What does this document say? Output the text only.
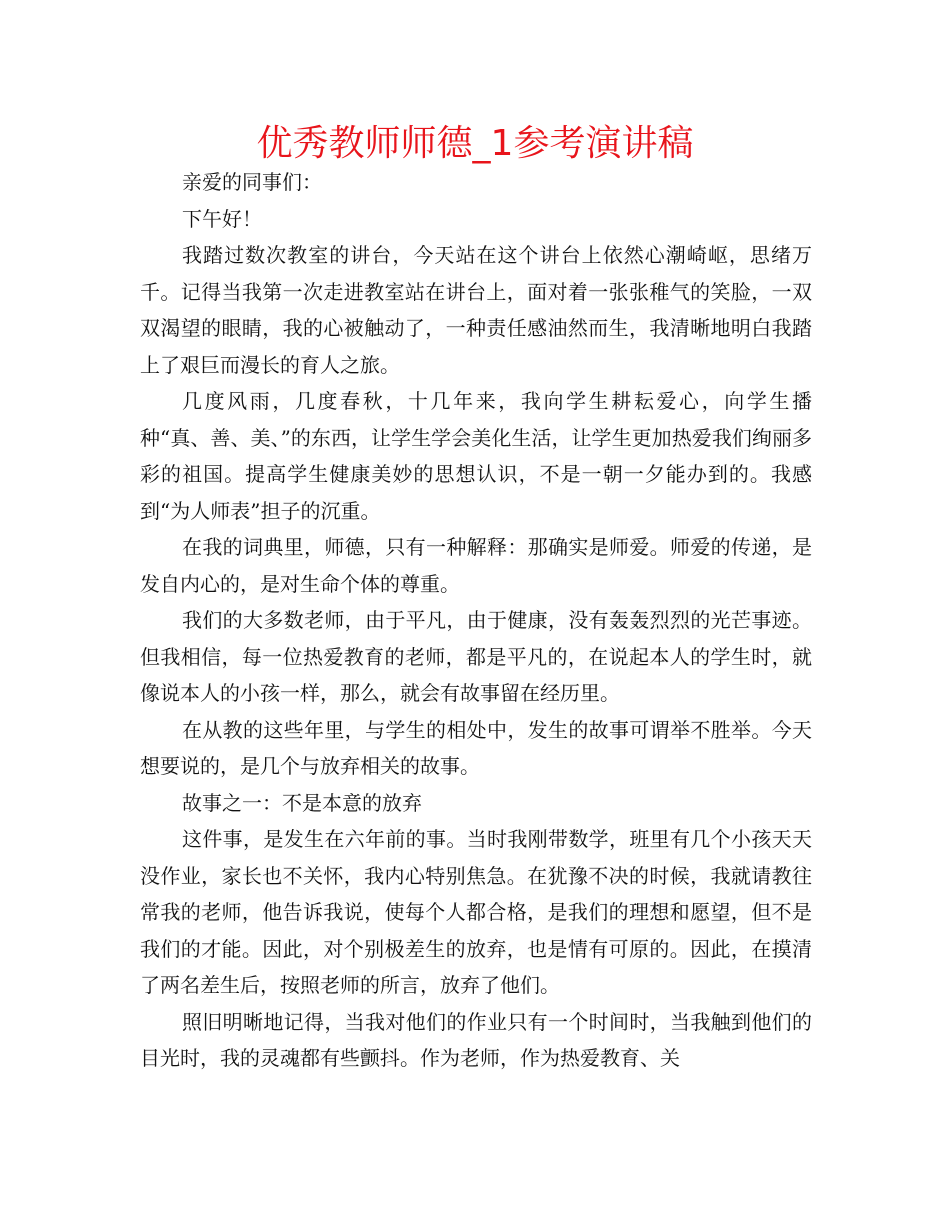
优秀教师师德_1参考演讲稿

亲爱的同事们：

下午好！

我踏过数次教室的讲台，今天站在这个讲台上依然心潮崎岖，思绪万千。记得当我第一次走进教室站在讲台上，面对着一张张稚气的笑脸，一双双渴望的眼睛，我的心被触动了，一种责任感油然而生，我清晰地明白我踏上了艰巨而漫长的育人之旅。

几度风雨，几度春秋，十几年来，我向学生耕耘爱心，向学生播种“真、善、美、”的东西，让学生学会美化生活，让学生更加热爱我们绚丽多彩的祖国。提高学生健康美妙的思想认识，不是一朝一夕能办到的。我感到“为人师表”担子的沉重。

在我的词典里，师德，只有一种解释：那确实是师爱。师爱的传递，是发自内心的，是对生命个体的尊重。

我们的大多数老师，由于平凡，由于健康，没有轰轰烈烈的光芒事迹。但我相信，每一位热爱教育的老师，都是平凡的，在说起本人的学生时，就像说本人的小孩一样，那么，就会有故事留在经历里。

在从教的这些年里，与学生的相处中，发生的故事可谓举不胜举。今天想要说的，是几个与放弃相关的故事。

故事之一：不是本意的放弃

这件事，是发生在六年前的事。当时我刚带数学，班里有几个小孩天天没作业，家长也不关怀，我内心特别焦急。在犹豫不决的时候，我就请教往常我的老师，他告诉我说，使每个人都合格，是我们的理想和愿望，但不是我们的才能。因此，对个别极差生的放弃，也是情有可原的。因此，在摸清了两名差生后，按照老师的所言，放弃了他们。

照旧明晰地记得，当我对他们的作业只有一个时间时，当我触到他们的目光时，我的灵魂都有些颤抖。作为老师，作为热爱教育、关
